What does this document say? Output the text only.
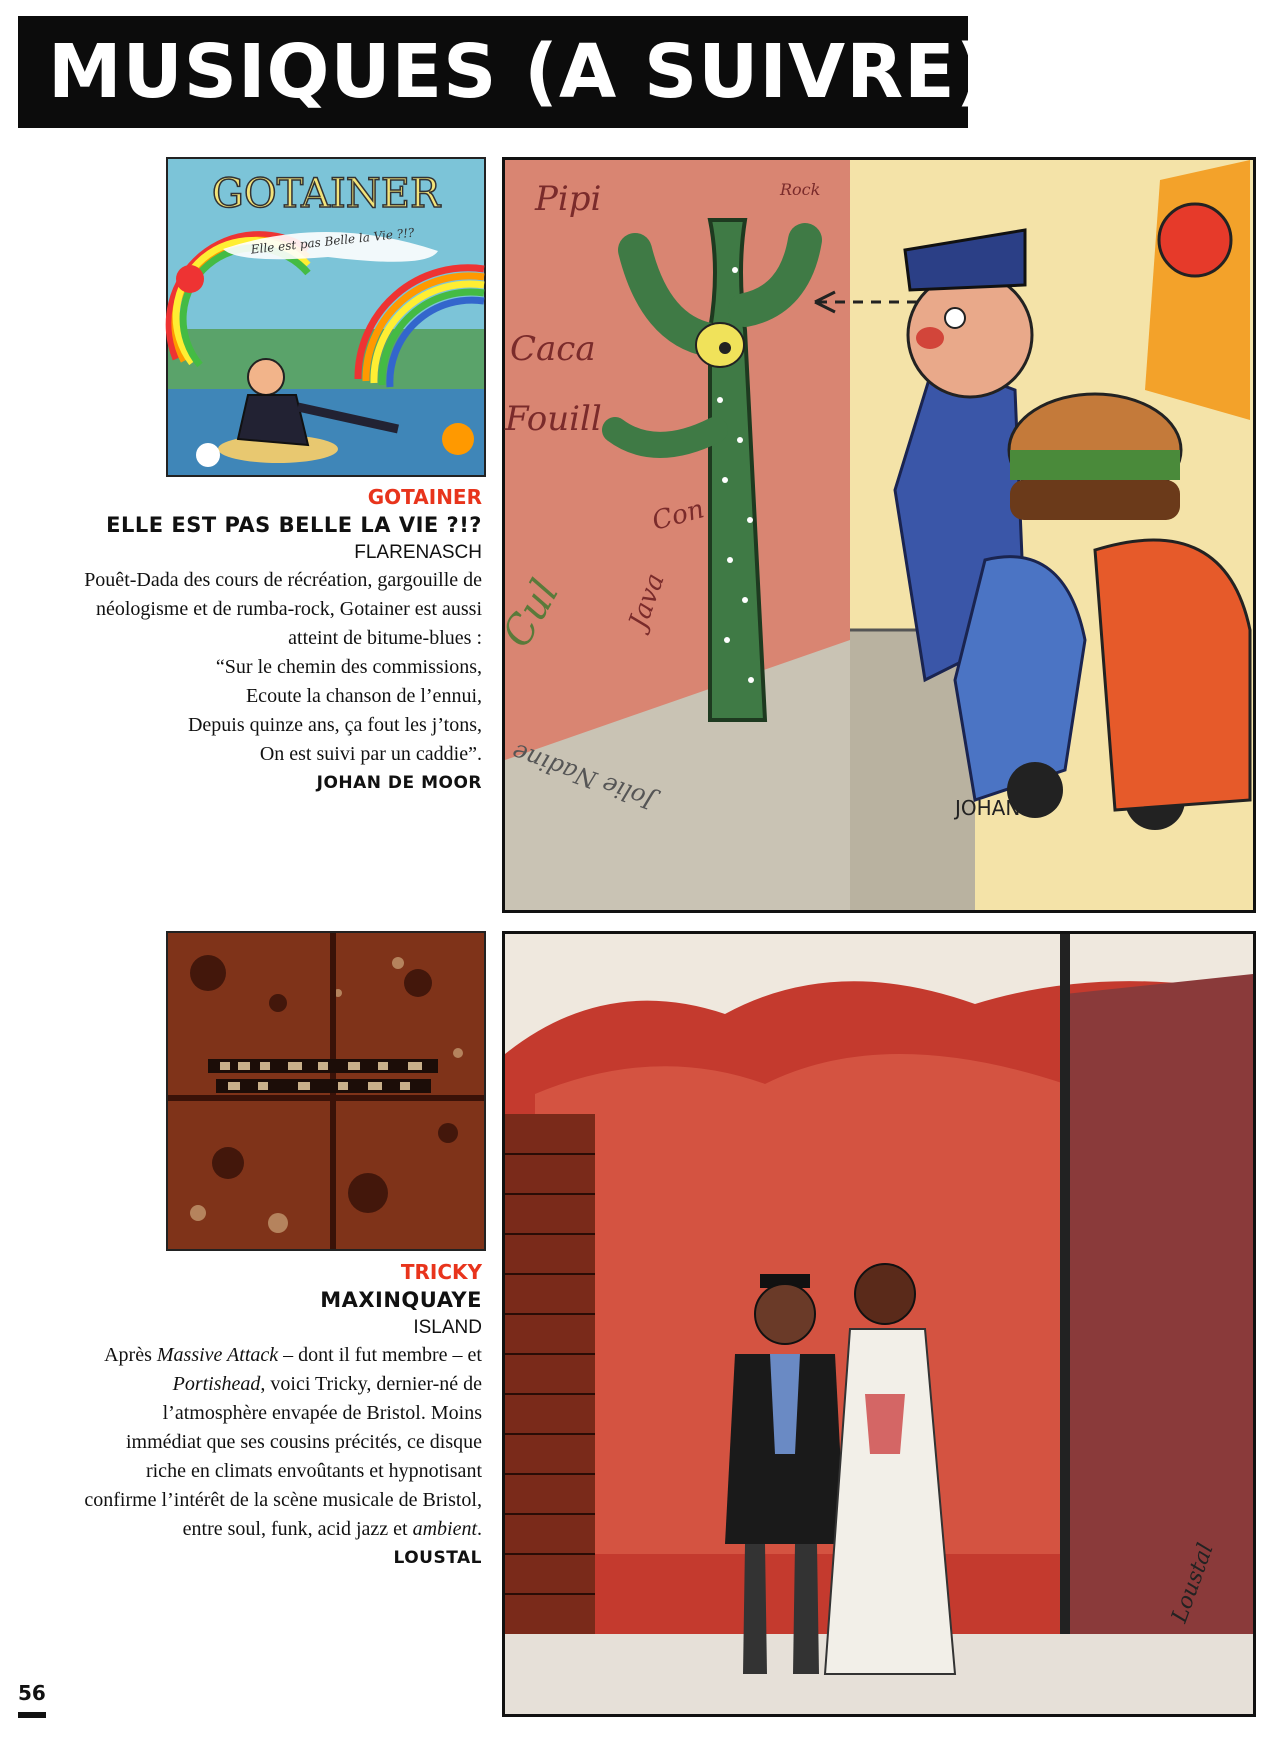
MUSIQUES (A SUIVRE)
GOTAINER
Elle est pas Belle la Vie ?!?
Pipi	Rock
Caca
Fouill
Con
Java
Cul
Jolie Nadine	JOHAN
GOTAINER
ELLE EST PAS BELLE LA VIE ?!?
FLARENASCH
Pouêt-Dada des cours de récréation, gargouille de
néologisme et de rumba-rock, Gotainer est aussi
atteint de bitume-blues :
“Sur le chemin des commissions,
Ecoute la chanson de l’ennui,
Depuis quinze ans, ça fout les j’tons,
On est suivi par un caddie”.
JOHAN DE MOOR
Loustal
TRICKY
MAXINQUAYE
ISLAND
Après Massive Attack – dont il fut membre – et
Portishead, voici Tricky, dernier-né de
l’atmosphère envapée de Bristol. Moins
immédiat que ses cousins précités, ce disque
riche en climats envoûtants et hypnotisant
confirme l’intérêt de la scène musicale de Bristol,
entre soul, funk, acid jazz et ambient.
LOUSTAL
56
